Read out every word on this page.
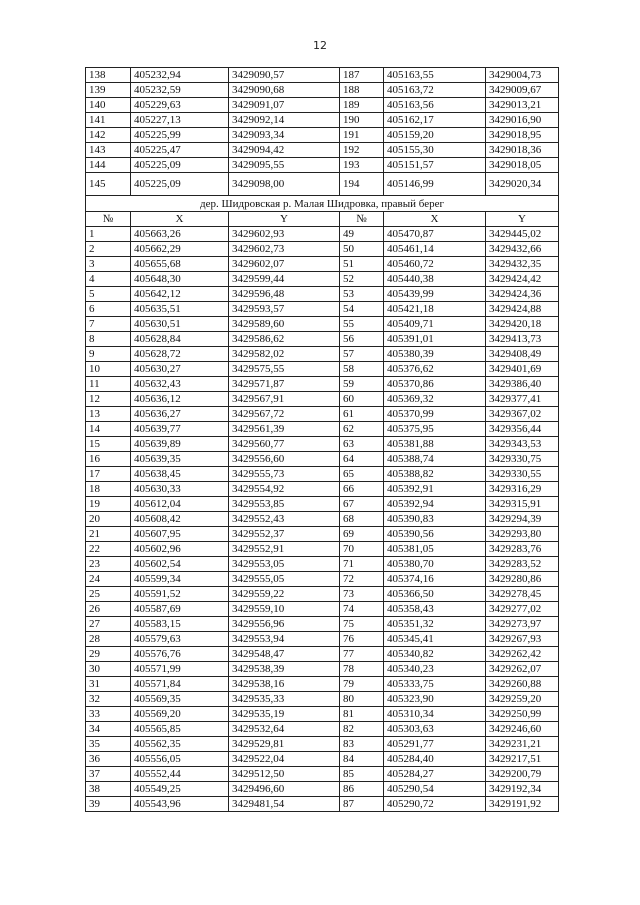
12
138	405232,94	3429090,57	187	405163,55	3429004,73
139	405232,59	3429090,68	188	405163,72	3429009,67
140	405229,63	3429091,07	189	405163,56	3429013,21
141	405227,13	3429092,14	190	405162,17	3429016,90
142	405225,99	3429093,34	191	405159,20	3429018,95
143	405225,47	3429094,42	192	405155,30	3429018,36
144	405225,09	3429095,55	193	405151,57	3429018,05
145	405225,09	3429098,00	194	405146,99	3429020,34
дер. Шидровская р. Малая Шидровка, правый берег					
№	X	Y	№	X	Y
1	405663,26	3429602,93	49	405470,87	3429445,02
2	405662,29	3429602,73	50	405461,14	3429432,66
3	405655,68	3429602,07	51	405460,72	3429432,35
4	405648,30	3429599,44	52	405440,38	3429424,42
5	405642,12	3429596,48	53	405439,99	3429424,36
6	405635,51	3429593,57	54	405421,18	3429424,88
7	405630,51	3429589,60	55	405409,71	3429420,18
8	405628,84	3429586,62	56	405391,01	3429413,73
9	405628,72	3429582,02	57	405380,39	3429408,49
10	405630,27	3429575,55	58	405376,62	3429401,69
11	405632,43	3429571,87	59	405370,86	3429386,40
12	405636,12	3429567,91	60	405369,32	3429377,41
13	405636,27	3429567,72	61	405370,99	3429367,02
14	405639,77	3429561,39	62	405375,95	3429356,44
15	405639,89	3429560,77	63	405381,88	3429343,53
16	405639,35	3429556,60	64	405388,74	3429330,75
17	405638,45	3429555,73	65	405388,82	3429330,55
18	405630,33	3429554,92	66	405392,91	3429316,29
19	405612,04	3429553,85	67	405392,94	3429315,91
20	405608,42	3429552,43	68	405390,83	3429294,39
21	405607,95	3429552,37	69	405390,56	3429293,80
22	405602,96	3429552,91	70	405381,05	3429283,76
23	405602,54	3429553,05	71	405380,70	3429283,52
24	405599,34	3429555,05	72	405374,16	3429280,86
25	405591,52	3429559,22	73	405366,50	3429278,45
26	405587,69	3429559,10	74	405358,43	3429277,02
27	405583,15	3429556,96	75	405351,32	3429273,97
28	405579,63	3429553,94	76	405345,41	3429267,93
29	405576,76	3429548,47	77	405340,82	3429262,42
30	405571,99	3429538,39	78	405340,23	3429262,07
31	405571,84	3429538,16	79	405333,75	3429260,88
32	405569,35	3429535,33	80	405323,90	3429259,20
33	405569,20	3429535,19	81	405310,34	3429250,99
34	405565,85	3429532,64	82	405303,63	3429246,60
35	405562,35	3429529,81	83	405291,77	3429231,21
36	405556,05	3429522,04	84	405284,40	3429217,51
37	405552,44	3429512,50	85	405284,27	3429200,79
38	405549,25	3429496,60	86	405290,54	3429192,34
39	405543,96	3429481,54	87	405290,72	3429191,92
